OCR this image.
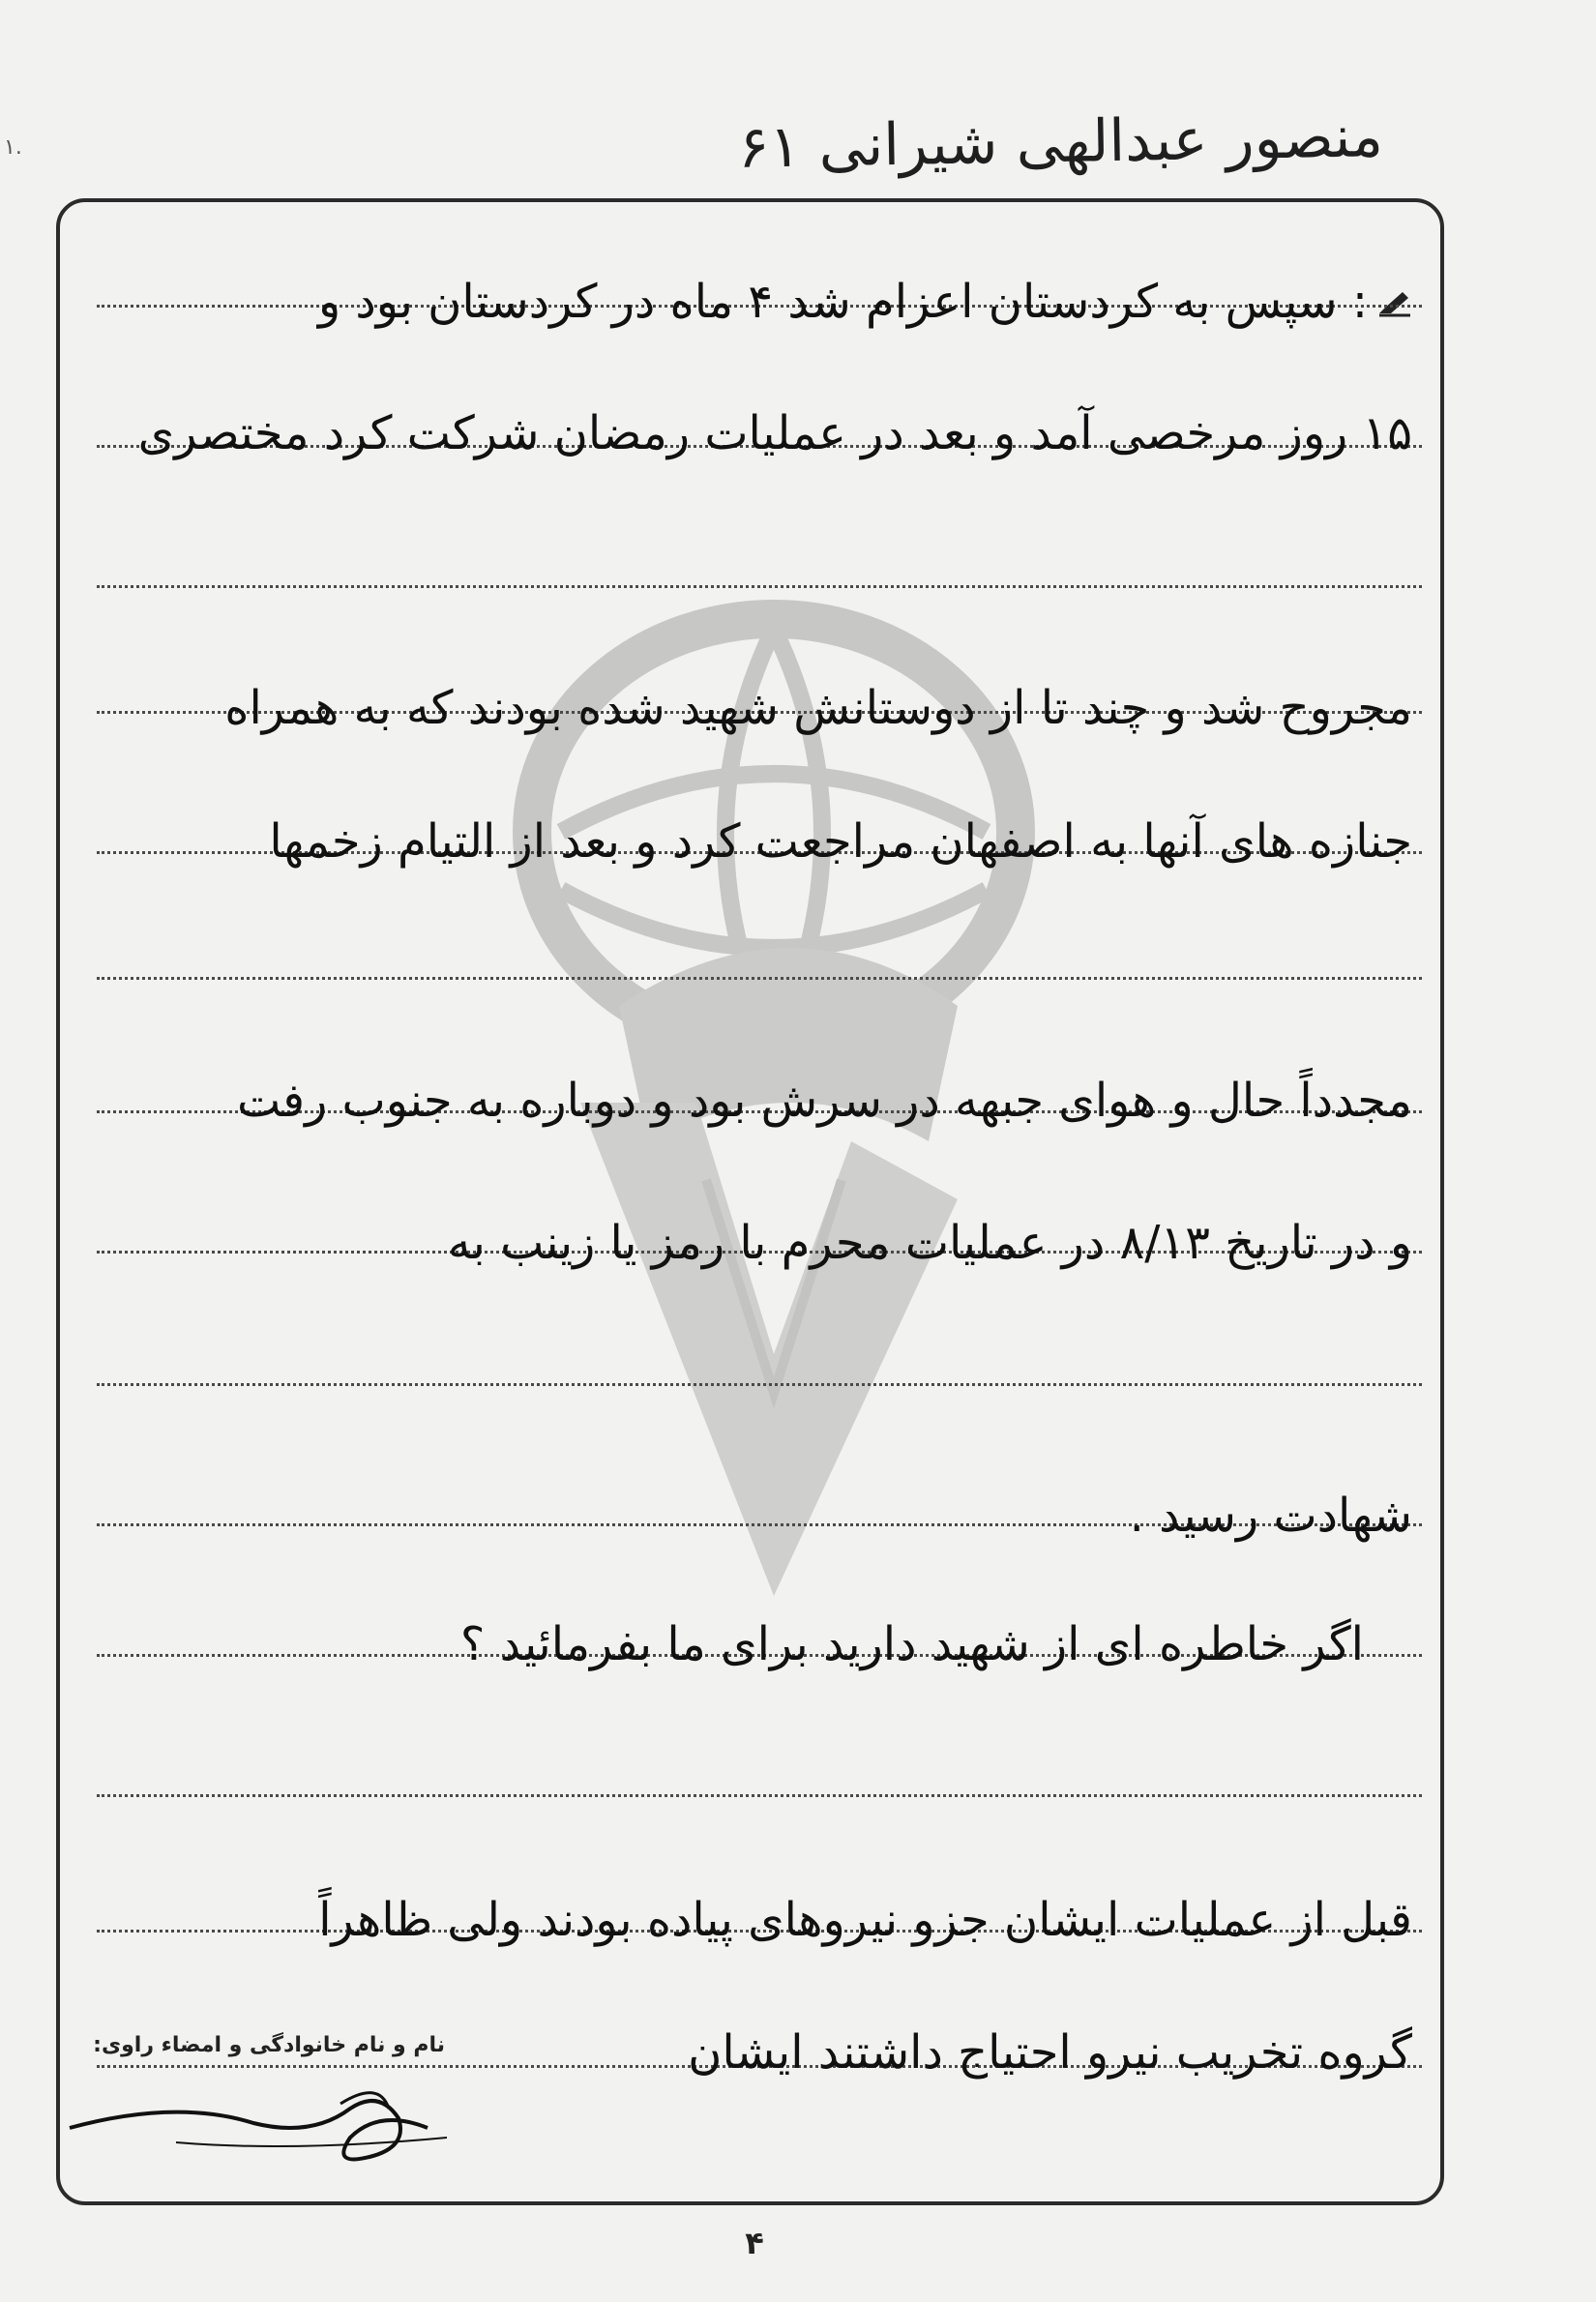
۱.	منصور عبدالهی شیرانی ۶۱
: سپس به کردستان اعزام شد ۴ ماه در کردستان بود و
۱۵ روز مرخصی آمد و بعد در عملیات رمضان شرکت کرد مختصری
مجروح شد و چند تا از دوستانش شهید شده بودند که به همراه
جنازه های آنها به اصفهان مراجعت کرد و بعد از التیام زخمها
مجدداً حال و هوای جبهه در سرش بود و دوباره به جنوب رفت
و در تاریخ ۸/۱۳ در عملیات محرم با رمز یا زینب به
شهادت رسید .
اگر خاطره ای از شهید دارید برای ما بفرمائید ؟
قبل از عملیات ایشان جزو نیروهای پیاده بودند ولی ظاهراً
گروه تخریب نیرو احتیاج داشتند ایشان
نام و نام خانوادگی و امضاء راوی:
۴
